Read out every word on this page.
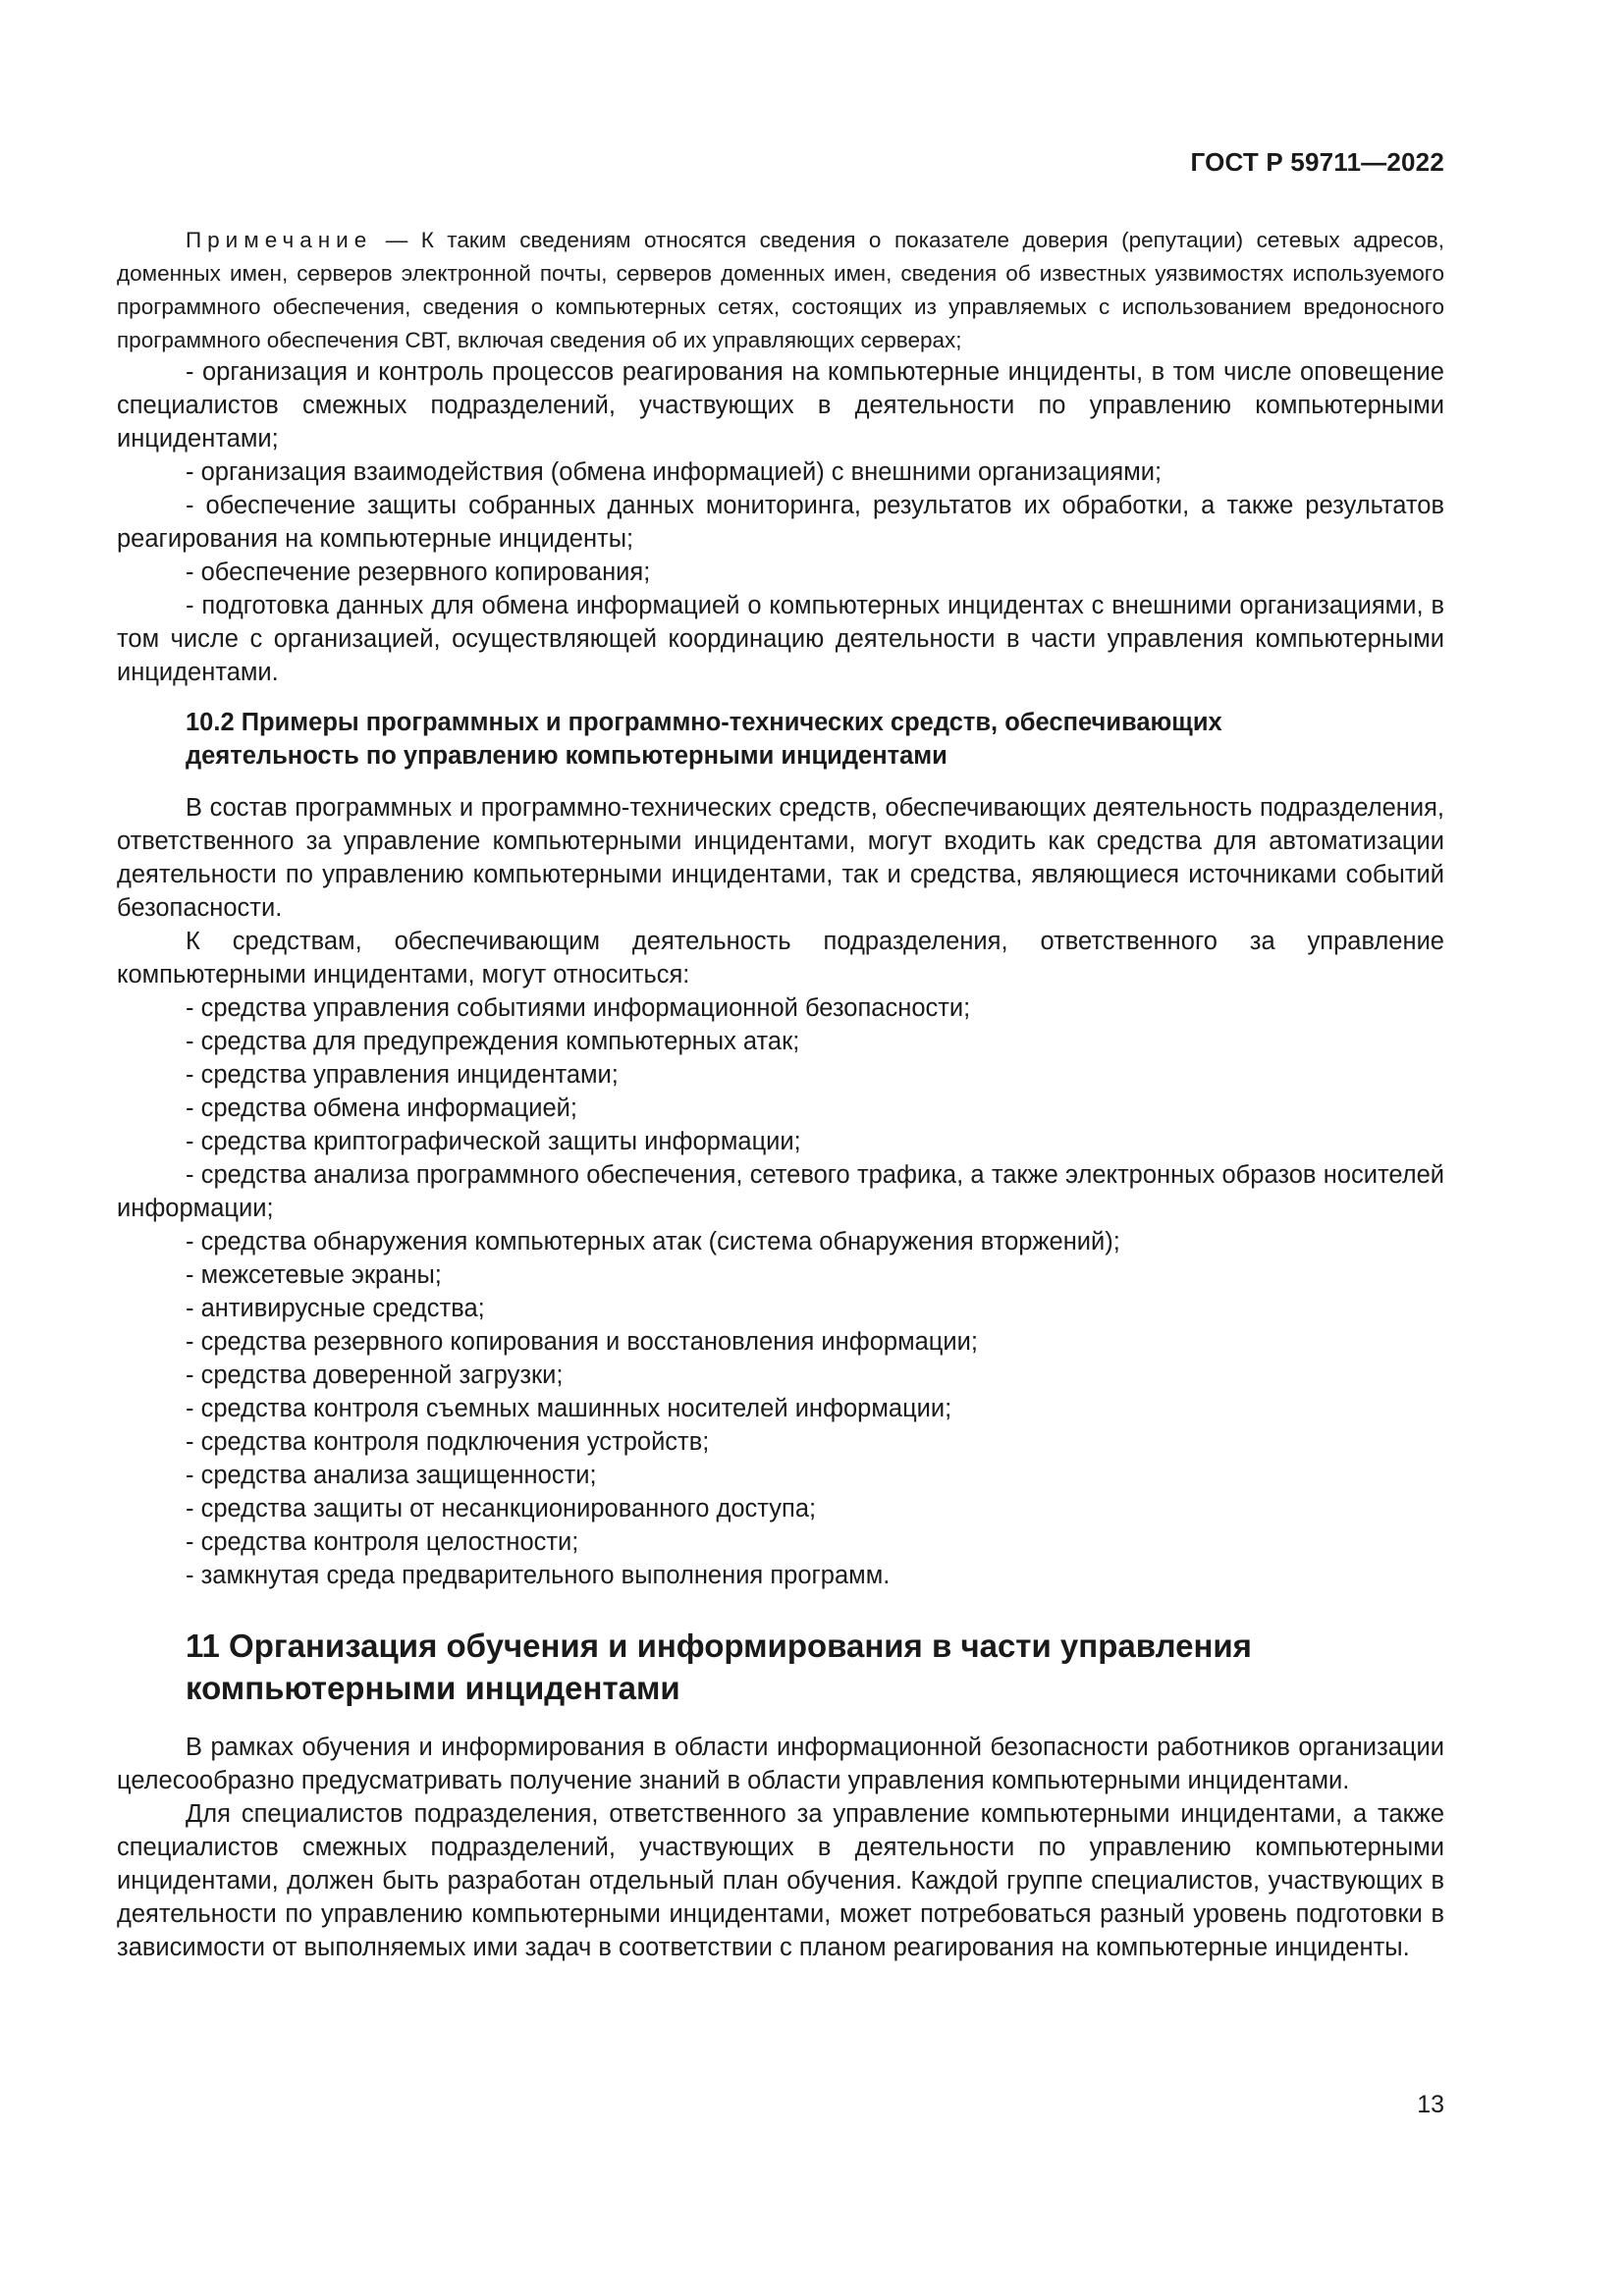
ГОСТ Р 59711—2022

Примечание — К таким сведениям относятся сведения о показателе доверия (репутации) сетевых адресов, доменных имен, серверов электронной почты, серверов доменных имен, сведения об известных уязвимостях используемого программного обеспечения, сведения о компьютерных сетях, состоящих из управляемых с использованием вредоносного программного обеспечения СВТ, включая сведения об их управляющих серверах;

- организация и контроль процессов реагирования на компьютерные инциденты, в том числе оповещение специалистов смежных подразделений, участвующих в деятельности по управлению компьютерными инцидентами;

- организация взаимодействия (обмена информацией) с внешними организациями;

- обеспечение защиты собранных данных мониторинга, результатов их обработки, а также результатов реагирования на компьютерные инциденты;

- обеспечение резервного копирования;

- подготовка данных для обмена информацией о компьютерных инцидентах с внешними организациями, в том числе с организацией, осуществляющей координацию деятельности в части управления компьютерными инцидентами.

10.2 Примеры программных и программно-технических средств, обеспечивающих
деятельность по управлению компьютерными инцидентами

В состав программных и программно-технических средств, обеспечивающих деятельность подразделения, ответственного за управление компьютерными инцидентами, могут входить как средства для автоматизации деятельности по управлению компьютерными инцидентами, так и средства, являющиеся источниками событий безопасности.

К средствам, обеспечивающим деятельность подразделения, ответственного за управление компьютерными инцидентами, могут относиться:

- средства управления событиями информационной безопасности;

- средства для предупреждения компьютерных атак;

- средства управления инцидентами;

- средства обмена информацией;

- средства криптографической защиты информации;

- средства анализа программного обеспечения, сетевого трафика, а также электронных образов носителей информации;

- средства обнаружения компьютерных атак (система обнаружения вторжений);

- межсетевые экраны;

- антивирусные средства;

- средства резервного копирования и восстановления информации;

- средства доверенной загрузки;

- средства контроля съемных машинных носителей информации;

- средства контроля подключения устройств;

- средства анализа защищенности;

- средства защиты от несанкционированного доступа;

- средства контроля целостности;

- замкнутая среда предварительного выполнения программ.

11 Организация обучения и информирования в части управления
компьютерными инцидентами

В рамках обучения и информирования в области информационной безопасности работников организации целесообразно предусматривать получение знаний в области управления компьютерными инцидентами.

Для специалистов подразделения, ответственного за управление компьютерными инцидентами, а также специалистов смежных подразделений, участвующих в деятельности по управлению компьютерными инцидентами, должен быть разработан отдельный план обучения. Каждой группе специалистов, участвующих в деятельности по управлению компьютерными инцидентами, может потребоваться разный уровень подготовки в зависимости от выполняемых ими задач в соответствии с планом реагирования на компьютерные инциденты.

13
